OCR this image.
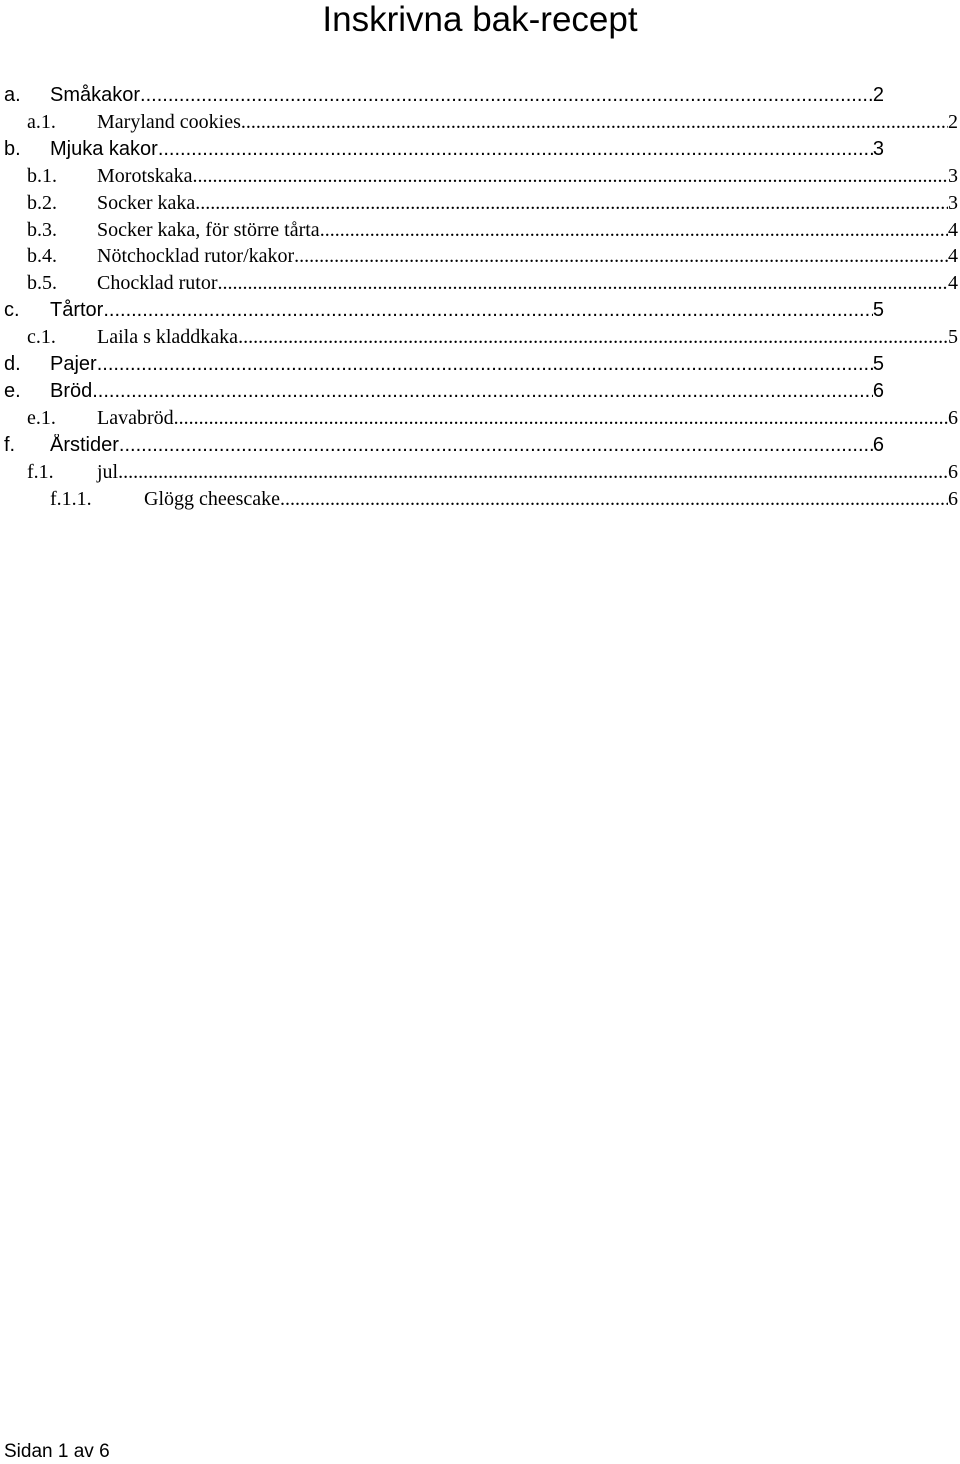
Inskrivna bak-recept
a.	Småkakor .....	2
a.1.	Maryland cookies .....	2
b.	Mjuka kakor .....	3
b.1.	Morotskaka .....	3
b.2.	Socker kaka .....	3
b.3.	Socker kaka, för större tårta .....	4
b.4.	Nötchocklad rutor/kakor .....	4
b.5.	Chocklad rutor .....	4
c.	Tårtor .....	5
c.1.	Laila s kladdkaka .....	5
d.	Pajer .....	5
e.	Bröd .....	6
e.1.	Lavabröd .....	6
f.	Årstider .....	6
f.1.	jul .....	6
f.1.1.	Glögg cheescake .....	6
Sidan 1 av 6
